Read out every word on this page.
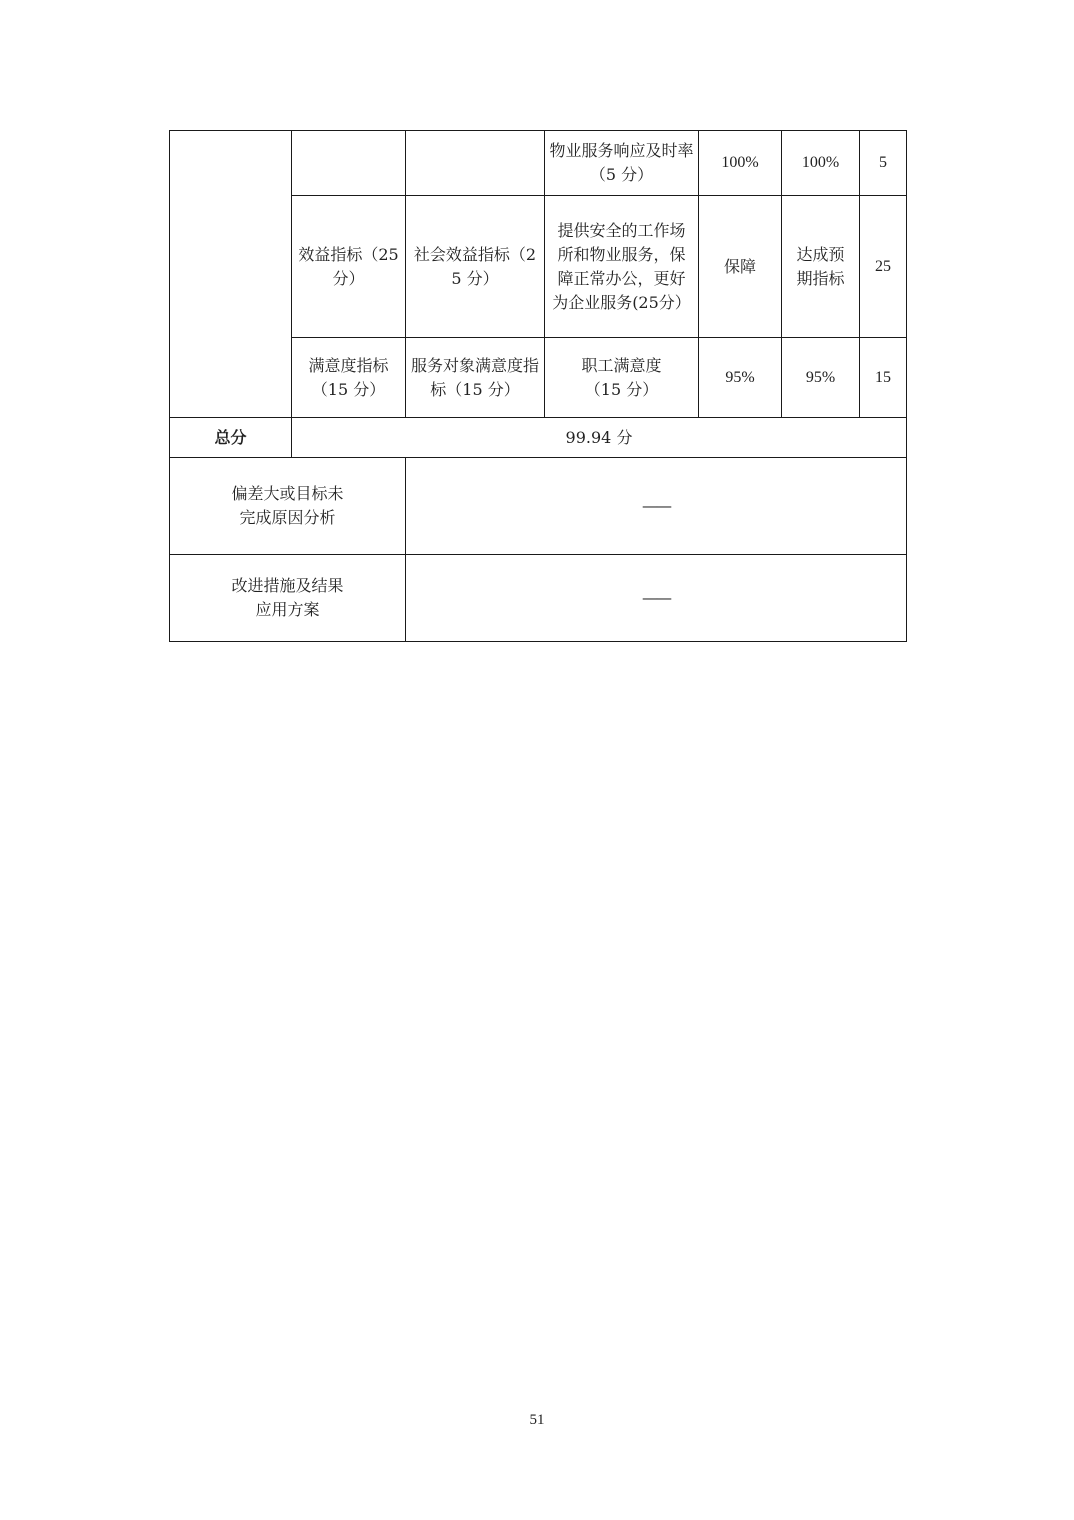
			物业服务响应及时率（5 分）	100%	100%	5
	效益指标（25 分）	社会效益指标（25 分）	提供安全的工作场所和物业服务，保障正常办公，更好为企业服务(25分）	保障	达成预期指标	25
	满意度指标（15 分）	服务对象满意度指标（15 分）	职工满意度（15 分）	95%	95%	15
总分	99.94 分					
偏差大或目标未完成原因分析		——				
改进措施及结果应用方案		——				
51
